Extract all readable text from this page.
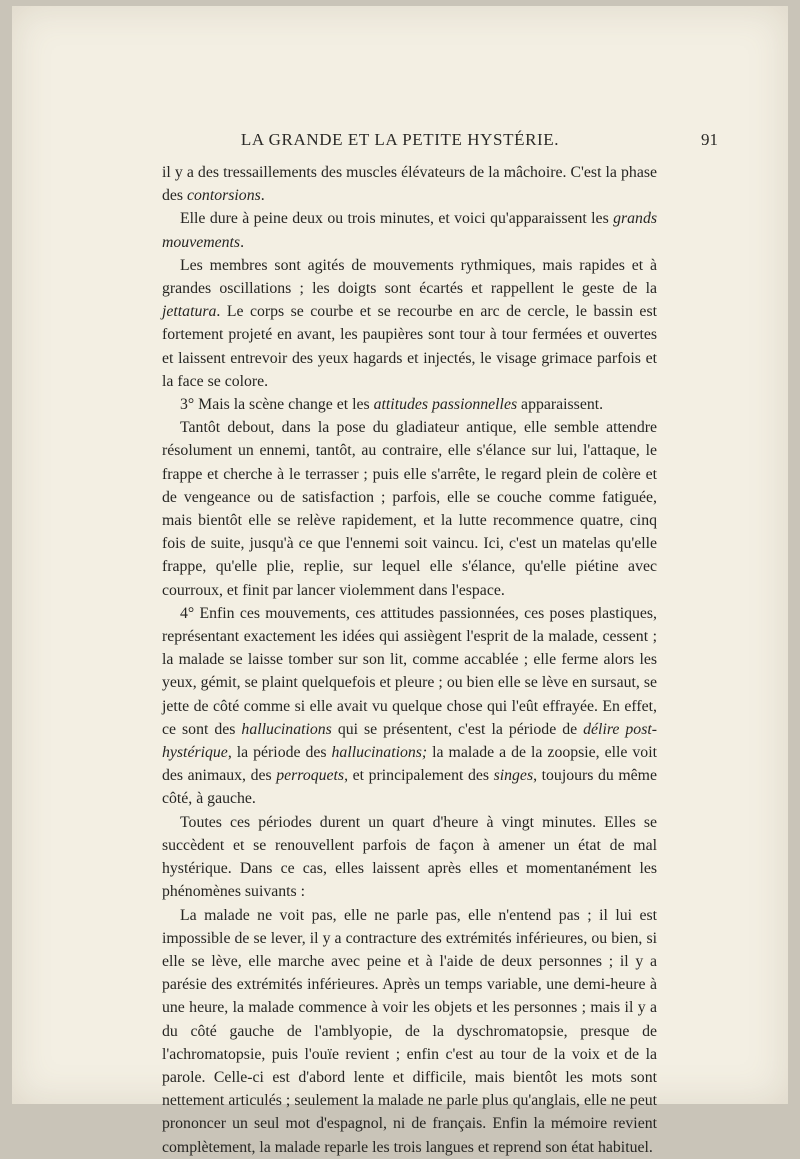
LA GRANDE ET LA PETITE HYSTÉRIE.	91

il y a des tressaillements des muscles élévateurs de la mâchoire. C'est la phase des contorsions.

Elle dure à peine deux ou trois minutes, et voici qu'apparaissent les grands mouvements.

Les membres sont agités de mouvements rythmiques, mais rapides et à grandes oscillations ; les doigts sont écartés et rappellent le geste de la jettatura. Le corps se courbe et se recourbe en arc de cercle, le bassin est fortement projeté en avant, les paupières sont tour à tour fermées et ouvertes et laissent entrevoir des yeux hagards et injectés, le visage grimace parfois et la face se colore.

3° Mais la scène change et les attitudes passionnelles apparaissent.

Tantôt debout, dans la pose du gladiateur antique, elle semble attendre résolument un ennemi, tantôt, au contraire, elle s'élance sur lui, l'attaque, le frappe et cherche à le terrasser ; puis elle s'arrête, le regard plein de colère et de vengeance ou de satisfaction ; parfois, elle se couche comme fatiguée, mais bientôt elle se relève rapidement, et la lutte recommence quatre, cinq fois de suite, jusqu'à ce que l'ennemi soit vaincu. Ici, c'est un matelas qu'elle frappe, qu'elle plie, replie, sur lequel elle s'élance, qu'elle piétine avec courroux, et finit par lancer violemment dans l'espace.

4° Enfin ces mouvements, ces attitudes passionnées, ces poses plastiques, représentant exactement les idées qui assiègent l'esprit de la malade, cessent ; la malade se laisse tomber sur son lit, comme accablée ; elle ferme alors les yeux, gémit, se plaint quelquefois et pleure ; ou bien elle se lève en sursaut, se jette de côté comme si elle avait vu quelque chose qui l'eût effrayée. En effet, ce sont des hallucinations qui se présentent, c'est la période de délire post-hystérique, la période des hallucinations; la malade a de la zoopsie, elle voit des animaux, des perroquets, et principalement des singes, toujours du même côté, à gauche.

Toutes ces périodes durent un quart d'heure à vingt minutes. Elles se succèdent et se renouvellent parfois de façon à amener un état de mal hystérique. Dans ce cas, elles laissent après elles et momentanément les phénomènes suivants :

La malade ne voit pas, elle ne parle pas, elle n'entend pas ; il lui est impossible de se lever, il y a contracture des extrémités inférieures, ou bien, si elle se lève, elle marche avec peine et à l'aide de deux personnes ; il y a parésie des extrémités inférieures. Après un temps variable, une demi-heure à une heure, la malade commence à voir les objets et les personnes ; mais il y a du côté gauche de l'amblyopie, de la dyschromatopsie, presque de l'achromatopsie, puis l'ouïe revient ; enfin c'est au tour de la voix et de la parole. Celle-ci est d'abord lente et difficile, mais bientôt les mots sont nettement articulés ; seulement la malade ne parle plus qu'anglais, elle ne peut prononcer un seul mot d'espagnol, ni de français. Enfin la mémoire revient complètement, la malade reparle les trois langues et reprend son état habituel.
